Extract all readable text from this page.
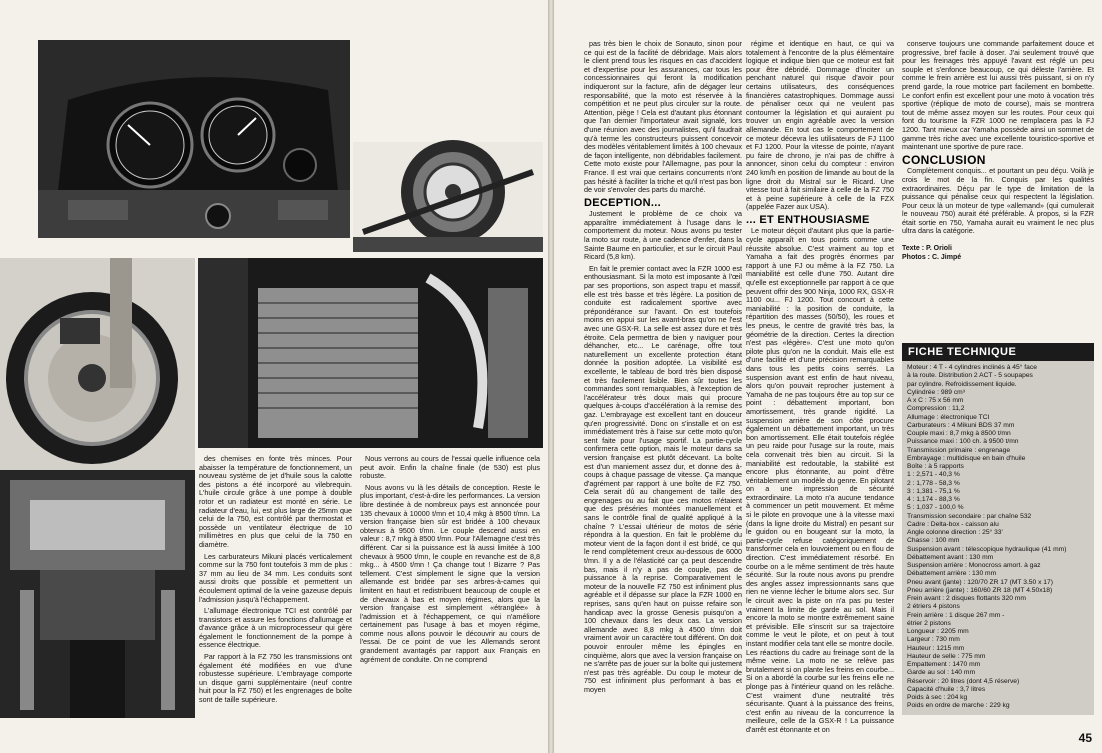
des chemises en fonte très minces. Pour abaisser la température de fonctionnement, un nouveau système de jet d'huile sous la calotte des pistons a été incorporé au vilebrequin. L'huile circule grâce à une pompe à double rotor et un radiateur est monté en série. Le radiateur d'eau, lui, est plus large de 25mm que celui de la 750, est contrôlé par thermostat et possède un ventilateur électrique de 10 millimètres en plus que celui de la 750 en diamètre.

Les carburateurs Mikuni placés verticalement comme sur la 750 font toutefois 3 mm de plus : 37 mm au lieu de 34 mm. Les conduits sont aussi droits que possible et permettent un écoulement optimal de la veine gazeuse depuis l'admission jusqu'à l'échappement.

L'allumage électronique TCI est contrôlé par transistors et assure les fonctions d'allumage et d'avance grâce à un microprocesseur qui gère également le fonctionnement de la pompe à essence électrique.

Par rapport à la FZ 750 les transmissions ont également été modifiées en vue d'une robustesse supérieure. L'embrayage comporte un disque garni supplémentaire (neuf contre huit pour la FZ 750) et les engrenages de boîte sont de taille supérieure.

Nous verrons au cours de l'essai quelle influence cela peut avoir. Enfin la chaîne finale (de 530) est plus robuste.

Nous avons vu là les détails de conception. Reste le plus important, c'est-à-dire les performances. La version libre destinée à de nombreux pays est annoncée pour 135 chevaux à 10000 t/mn et 10,4 mkg à 8500 t/mn. La version française bien sûr est bridée à 100 chevaux obtenus à 9500 t/mn. Le couple descend aussi en valeur : 8,7 mkg à 8500 t/mn. Pour l'Allemagne c'est très différent. Car si la puissance est là aussi limitée à 100 chevaux à 9500 t/mn, le couple en revanche est de 8,8 mkg... à 4500 t/mn ! Ça change tout ! Bizarre ? Pas tellement. C'est simplement le signe que la version allemande est bridée par ses arbres-à-cames qui limitent en haut et redistribuent beaucoup de couple et de chevaux à bas et moyen régimes, alors que la version française est simplement «étranglée» à l'admission et à l'échappement, ce qui n'améliore certainement pas l'usage à bas et moyen régime, comme nous allons pouvoir le découvrir au cours de l'essai. De ce point de vue les Allemands seront grandement avantagés par rapport aux Français en agrément de conduite. On ne comprend

pas très bien le choix de Sonauto, sinon pour ce qui est de la facilité de débridage. Mais alors le client prend tous les risques en cas d'accident et d'expertise pour les assurances, car tous les concessionnaires qui feront la modification indiqueront sur la facture, afin de dégager leur responsabilité, que la moto est réservée à la compétition et ne peut plus circuler sur la route. Attention, piège ! Cela est d'autant plus étonnant que l'an dernier l'importateur avait signalé, lors d'une réunion avec des journalistes, qu'il faudrait qu'à terme les constructeurs puissent concevoir des modèles véritablement limités à 100 chevaux de façon intelligente, non débridables facilement. Cette moto existe pour l'Allemagne, pas pour la France. Il est vrai que certains concurrents n'ont pas hésité à faciliter la triche et qu'il n'est pas bon de voir s'envoler des parts du marché.

DECEPTION...

Justement le problème de ce choix va apparaître immédiatement à l'usage dans le comportement du moteur. Nous avons pu tester la moto sur route, à une cadence d'enfer, dans la Sainte Baume en particulier, et sur le circuit Paul Ricard (5,8 km).

En fait le premier contact avec la FZR 1000 est enthousiasmant. Si la moto est imposante à l'œil par ses proportions, son aspect trapu et massif, elle est très basse et très légère. La position de conduite est radicalement sportive avec prépondérance sur l'avant. On est toutefois moins en appui sur les avant-bras qu'on ne l'est avec une GSX-R. La selle est assez dure et très étroite. Cela permettra de bien y naviguer pour déhancher, etc... Le carénage, offre tout naturellement un excellente protection étant donnée la position adoptée. La visibilité est excellente, le tableau de bord très bien disposé et très facilement lisible. Bien sûr toutes les commandes sont remarquables, à l'exception de l'accélérateur très doux mais qui procure quelques à-coups d'accélération à la remise des gaz. L'embrayage est excellent tant en douceur qu'en progressivité. Donc on s'installe et on est immédiatement très à l'aise sur cette moto qu'on sent faite pour l'usage sportif. La partie-cycle confirmera cette option, mais le moteur dans sa version française est plutôt décevant. La boîte est d'un maniement assez dur, et donne des à-coups à chaque passage de vitesse. Ça manque d'agrément par rapport à une boîte de FZ 750. Cela serait dû au changement de taille des engrenages ou au fait que ces motos n'étaient que des préséries montées manuellement et sans le contrôle final de qualité appliqué à la chaîne ? L'essai ultérieur de motos de série répondra à la question. En fait le problème du moteur vient de la façon dont il est bridé, ce qui le rend complètement creux au-dessous de 6000 t/mn. Il y a de l'élasticité car ça peut descendre bas, mais il n'y a pas de couple, pas de puissance à la reprise. Comparativement le moteur de la nouvelle FZ 750 est infiniment plus agréable et il dépasse sur place la FZR 1000 en reprises, sans qu'en haut on puisse refaire son handicap avec la grosse Genesis puisqu'on a 100 chevaux dans les deux cas. La version allemande avec 8,8 mkg à 4500 t/mn doit vraiment avoir un caractère tout différent. On doit pouvoir enrouler même les épingles en cinquième, alors que avec la version française on ne s'arrête pas de jouer sur la boîte qui justement n'est pas très agréable. Du coup le moteur de 750 est infiniment plus performant à bas et moyen

régime et identique en haut, ce qui va totalement à l'encontre de la plus élémentaire logique et indique bien que ce moteur est fait pour être débridé. Dommage d'inciter un penchant naturel qui risque d'avoir pour certains utilisateurs, des conséquences financières catastrophiques. Dommage aussi de pénaliser ceux qui ne veulent pas contourner la législation et qui auraient pu trouver un engin agréable avec la version allemande. En tout cas le comportement de ce moteur décevra les utilisateurs de FJ 1100 et FJ 1200. Pour la vitesse de pointe, n'ayant pu faire de chrono, je n'ai pas de chiffre à annoncer, sinon celui du compteur : environ 240 km/h en position de limande au bout de la ligne droit du Mistral sur le Ricard. Une vitesse tout à fait similaire à celle de la FZ 750 et à peine supérieure à celle de la FZX (appelée Fazer aux USA).

... ET ENTHOUSIASME

Le moteur déçoit d'autant plus que la partie-cycle apparaît en tous points comme une réussite absolue. C'est vraiment au top et Yamaha a fait des progrès énormes par rapport à une FJ ou même à la FZ 750. La maniabilité est celle d'une 750. Autant dire qu'elle est exceptionnelle par rapport à ce que peuvent offrir des 900 Ninja, 1000 RX, GSX-R 1100 ou... FJ 1200. Tout concourt à cette maniabilité : la position de conduite, la répartition des masses (50/50), les roues et les pneus, le centre de gravité très bas, la géométrie de la direction. Certes la direction n'est pas «légère». C'est une moto qu'on pilote plus qu'on ne la conduit. Mais elle est d'une facilité et d'une précision remarquables dans tous les petits coins serrés. La suspension avant est enfin de haut niveau, alors qu'on pouvait reprocher justement à Yamaha de ne pas toujours être au top sur ce point : débattement important, bon amortissement, très grande rigidité. La suspension arrière de son côté procure également un débattement important, un très bon amortissement. Elle était toutefois réglée un peu raide pour l'usage sur la route, mais cela convenait très bien au circuit. Si la maniabilité est redoutable, la stabilité est encore plus étonnante, au point d'être véritablement un modèle du genre. En pilotant on a une impression de sécurité extraordinaire. La moto n'a aucune tendance à commencer un petit mouvement. Et même si le pilote en provoque une à la vitesse maxi (dans la ligne droite du Mistral) en pesant sur le guidon ou en bougeant sur la moto, la partie-cycle refuse catégoriquement de transformer cela en louvoiement ou en flou de direction. C'est immédiatement résorbé. En courbe on a le même sentiment de très haute sécurité. Sur la route nous avons pu prendre des angles assez impressionnants sans que rien ne vienne lécher le bitume alors sec. Sur le circuit avec la piste on n'a pas pu tester vraiment la limite de garde au sol. Mais il encore la moto se montre extrêmement saine et prévisible. Elle s'inscrit sur sa trajectoire comme le veut le pilote, et on peut à tout instant modifier cela tant elle se montre docile. Les réactions du cadre au freinage sont de la même veine. La moto ne se relève pas brutalement si on plante les freins en courbe... Si on a abordé la courbe sur les freins elle ne plonge pas à l'intérieur quand on les relâche. C'est vraiment d'une neutralité très sécurisante. Quant à la puissance des freins, c'est enfin au niveau de la concurrence la meilleure, celle de la GSX-R ! La puissance d'arrêt est étonnante et on

conserve toujours une commande parfaitement douce et progressive, bref facile à doser. J'ai seulement trouvé que pour les freinages très appuyé l'avant est réglé un peu souple et s'enfonce beaucoup, ce qui déleste l'arrière. Et comme le frein arrière est lui aussi très puissant, si on n'y prend garde, la roue motrice part facilement en bombette. Le confort enfin est excellent pour une moto à vocation très sportive (réplique de moto de course), mais se montrera tout de même assez moyen sur les routes. Pour ceux qui font du tourisme la FZR 1000 ne remplacera pas la FJ 1200. Tant mieux car Yamaha possède ainsi un sommet de gamme très riche avec une excellente touristico-sportive et maintenant une sportive de pure race.

CONCLUSION

Complètement conquis... et pourtant un peu déçu. Voilà je crois le mot de la fin. Conquis par les qualités extraordinaires. Déçu par le type de limitation de la puissance qui pénalise ceux qui respectent la législation. Pour ceux là un moteur de type «allemand» (qui cumulerait le nouveau 750) aurait été préférable. À propos, si la FZR était sortie en 750, Yamaha aurait eu vraiment le nec plus ultra dans la catégorie.

Texte : P. Orioli
Photos : C. Jimpé
FICHE TECHNIQUE
Moteur : 4 T - 4 cylindres inclinés à 45° face
à la route. Distribution 2 ACT - 5 soupapes
par cylindre. Refroidissement liquide.
Cylindrée : 989 cm³
A x C : 75 x 56 mm
Compression : 11,2
Allumage : électronique TCI
Carburateurs : 4 Mikuni BDS 37 mm
Couple maxi : 8,7 mkg à 8500 t/mn
Puissance maxi : 100 ch. à 9500 t/mn
Transmission primaire : engrenage
Embrayage : multidisque en bain d'huile
Boîte : à 5 rapports
1 : 2,571 - 40,3 %
2 : 1,778 - 58,3 %
3 : 1,381 - 75,1 %
4 : 1,174 - 88,3 %
5 : 1,037 - 100,0 %
Transmission secondaire : par chaîne 532
Cadre : Delta-box - caisson alu
Angle colonne direction : 25° 33'
Chasse : 100 mm
Suspension avant : télescopique hydraulique (41 mm)
Débattement avant : 130 mm
Suspension arrière : Monocross amort. à gaz
Débattement arrière : 130 mm
Pneu avant (jante) : 120/70 ZR 17 (MT 3.50 x 17)
Pneu arrière (jante) : 160/60 ZR 18 (MT 4.50x18)
Frein avant : 2 disques flottants 320 mm
2 étriers 4 pistons
Frein arrière : 1 disque 267 mm -
étrier 2 pistons
Longueur : 2205 mm
Largeur : 730 mm
Hauteur : 1215 mm
Hauteur de selle : 775 mm
Empattement : 1470 mm
Garde au sol : 140 mm
Réservoir : 20 litres (dont 4,5 réserve)
Capacité d'huile : 3,7 litres
Poids à sec : 204 kg
Poids en ordre de marche : 229 kg
45
